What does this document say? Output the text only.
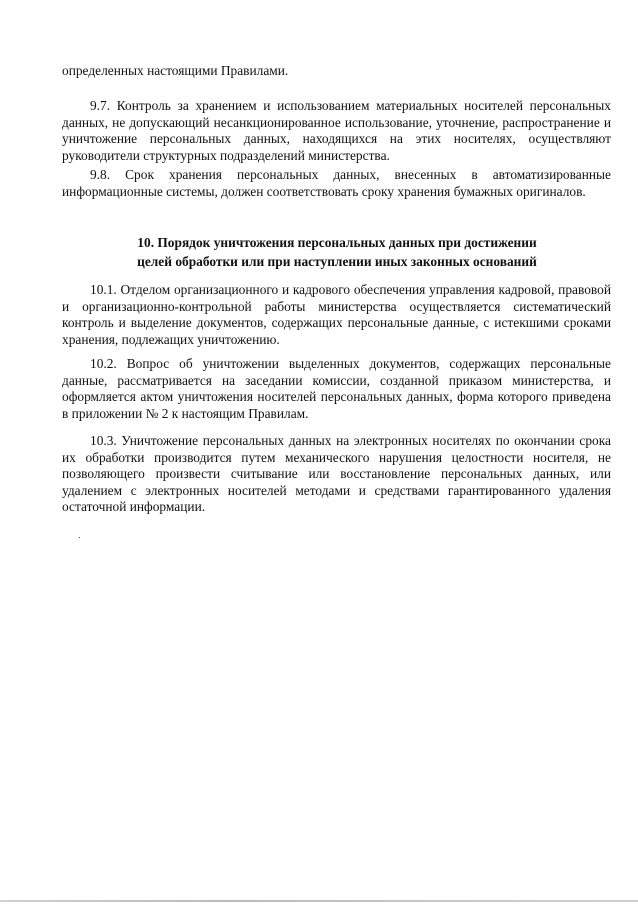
определенных настоящими Правилами.

9.7. Контроль за хранением и использованием материальных носителей персональных данных, не допускающий несанкционированное использование, уточнение, распространение и уничтожение персональных данных, находящихся на этих носителях, осуществляют руководители структурных подразделений министерства.

9.8. Срок хранения персональных данных, внесенных в автоматизированные информационные системы, должен соответствовать сроку хранения бумажных оригиналов.

10. Порядок уничтожения персональных данных при достижении
целей обработки или при наступлении иных законных оснований

10.1. Отделом организационного и кадрового обеспечения управления кадровой, правовой и организационно-контрольной работы министерства осуществляется систематический контроль и выделение документов, содержащих персональные данные, с истекшими сроками хранения, подлежащих уничтожению.

10.2. Вопрос об уничтожении выделенных документов, содержащих персональные данные, рассматривается на заседании комиссии, созданной приказом министерства, и оформляется актом уничтожения носителей персональных данных, форма которого приведена в приложении № 2 к настоящим Правилам.

10.3. Уничтожение персональных данных на электронных носителях по окончании срока их обработки производится путем механического нарушения целостности носителя, не позволяющего произвести считывание или восстановление персональных данных, или удалением с электронных носителей методами и средствами гарантированного удаления остаточной информации.
